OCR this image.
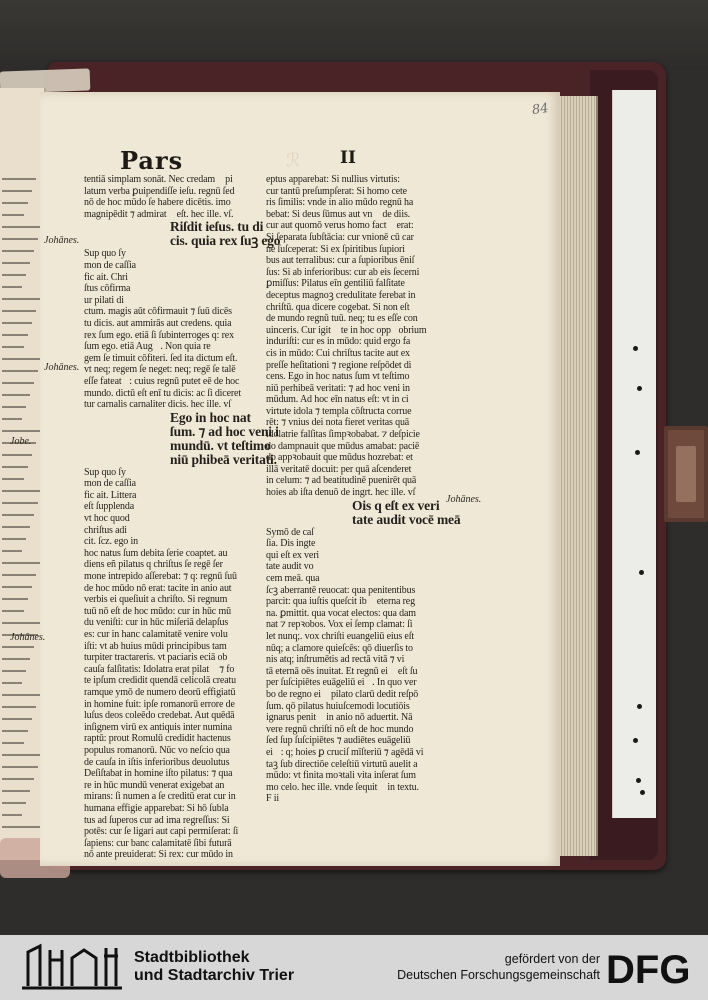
84
Pars	ℛ II
tentiā simplam sonāt. Nec credam᷑ pi
latum verba ꝑuipendiſſe ieſu. regnū ſed
nō de hoc mūdo ſe habere dicētis. imo
magnipēdit ⁊ admirat᷑ eſt. hec ille. vſ.
Riſdit ieſus. tu di
cis. quia rex ſuꝫ ego
Sup quo ſy
mon de caſſia
fic ait. Chri
ſtus cōfirma
ur pilati di
ctum. magis aūt cōfirmauit ⁊ ſuū dicēs
tu dicis. aut ammirās aut credens. quia
rex ſum ego. etiā ſi ſubinterroges q: rex
ſum ego. etiā Aug᷒. Non quia re
gem ſe timuit cōfiteri. ſed ita dictum eſt.
vt neq; regem ſe neget: neq; regē ſe talē
eſſe fateat᷑: cuius regnū putet eē de hoc
mundo. dictū eſt enī tu dicis: ac ſi diceret
tur carnalis carnaliter dicis. hec ille. vſ
Ego in hoc nat᷒
ſum. ⁊ ad hoc veni i
mundū. vt teſtimo
niū phibeā veritati.
Sup quo ſy
mon de caſſia
fic ait. Littera
eſt ſupplenda
vt hoc quod
chriſtus adi
cit. ſcz. ego in
hoc natus ſum debita ſerie coaptet. au
diens eñ pilatus q chriſtus ſe regē ſer
mone intrepido aſſerebat: ⁊ q: regnū ſuū
de hoc mūdo nō erat: tacite in anio aut
verbis ei queſiuit a chriſto. Si regnum
tuū nō eſt de hoc mūdo: cur in hūc mū
du veniſti: cur in hūc miſeriā delapſus
es: cur in hanc calamitatē venire volu
iſti: vt ab huius mūdi principibus tam
turpiter tractareris. vt paciaris eciā ob
cauſa falſitatis: Idolatra erat pilat᷑ ⁊ fo
te ipſum credidit quendā celicolā creatu
ramque ymō de numero deorū effigiatū
in homine fuit: ipſe romanorū errore de
luſus deos coleēdo credebat. Aut quēdā
inſignem virū ex antiquis inter numina
raptū: prout Romulū credidit hactenus
populus romanorū. Nūc vo neſcio qua
de cauſa in iſtis inferioribus deuolutus
Deſiſtabat in homine iſto pilatus: ⁊ qua
re in hūc mundū venerat exigebat an
mirans: ſi numen a ſe creditū erat cur in
humana effigie apparebat: Si hō ſubla
tus ad ſuperos cur ad ima regreſſus: Si
potēs: cur ſe ligari aut capi permiſerat: ſi
ſapiens: cur banc calamitatē ſibi futurā
nō ante preuiderat: Si rex: cur mūdo in
eptus apparebat: Si nullius virtutis:
cur tantū preſumpſerat: Si homo cete
ris ſimilis: vnde in alio mūdo regnū ha
bebat: Si deus ſūmus aut vn᷒ de diis.
cur aut quomō verus homo fact᷒ erat:
Si ſeparata ſubſtācia: cur vnionē cū car
ne ſuſceperat: Si ex ſpiritibus ſupiori
bus aut terralibus: cur a ſupioribus ēniſ
ſus: Si ab inferioribus: cur ab eis ſecerni
ꝑmiſſus: Pilatus eīn gentiliū falſitate
deceptus magnoꝫ credulitate ferebat in
chriſtū. qua dicere cogebat. Si non eſt
de mundo regnū tuū. neq; tu es eſſe con
uinceris. Cur igit᷑ te in hoc oppꝛobrium
induriſti: cur es in mūdo: quid ergo fa
cis in mūdo: Cui chriſtus tacite aut ex
preſſe heſitationi ⁊ regione reſpōdet di
cens. Ego in hoc natus ſum vt teſtimo
niū perhibeā veritati: ⁊ ad hoc veni in
mūdum. Ad hoc eīn natus eſt: vt in ci᷒
virtute idola ⁊ templa cōſtructa corrue
rēt: ⁊ vnius dei nota fieret veritas quā
idolatrie falſitas ſimpꝛobabat. ⁊ deſpicie
do dampnauit que mūdus amabat: paciē
do appꝛobauit que mūdus hozrebat: et
illā veritatē docuit: per quā aſcenderet
in celum: ⁊ ad beatitudinē puenirēt quā
hoies ab iſta denuō de ingrt. hec ille. vſ
Ois q eſt ex veri
tate audit vocē meā
Symō de caſ
ſia. Dis ingte
qui eſt ex veri
tate audit vo
cem meā. qua
ſcꝫ aberrantē reuocat: qua penitentibus
parcit: qua iuſtis queſcit ib᷒ eterna reg
na. ꝑmittit. qua vocat electos: qua dam
nat ⁊ repꝛobos. Vox ei᷒ ſemp clamat: ſi
let nunq;. vox chriſti euangeliū eius eſt
nūq; a clamore quieſcēs: qō diuerſis to
nis atq; inſtrumētis ad rectā vitā ⁊ vi
tā eternā oēs inuitat. Et regnū ei᷒ eſt ſu
per ſuſcipiētes euāgeliū ei᷒. In quo ver
bo de regno ei᷒ pilato clarū dedit reſpō
ſum. qō pilatus huiuſcemodi locutiōis
ignarus penit᷒ in anio nō aduertit. Nā
vere regnū chriſti nō eſt de hoc mundo
ſed ſup ſuſcipiētes ⁊ audiētes euāgeliū
ei᷒: q; hoies ꝑ cruciſ mīſteriū ⁊ agēdā vi
taꝫ ſub directiōe celeſtiū virtutū auelit a
mūdo: vt finita moꝛtali vita inſerat ſum
mo celo. hec ille. vnde ſequit᷑ in textu.
F ii
Johānes.
Johānes.
Jobe.
Johānes.
Johānes.
Stadtbibliothek
und Stadtarchiv Trier
gefördert von der
Deutschen Forschungsgemeinschaft DFG
